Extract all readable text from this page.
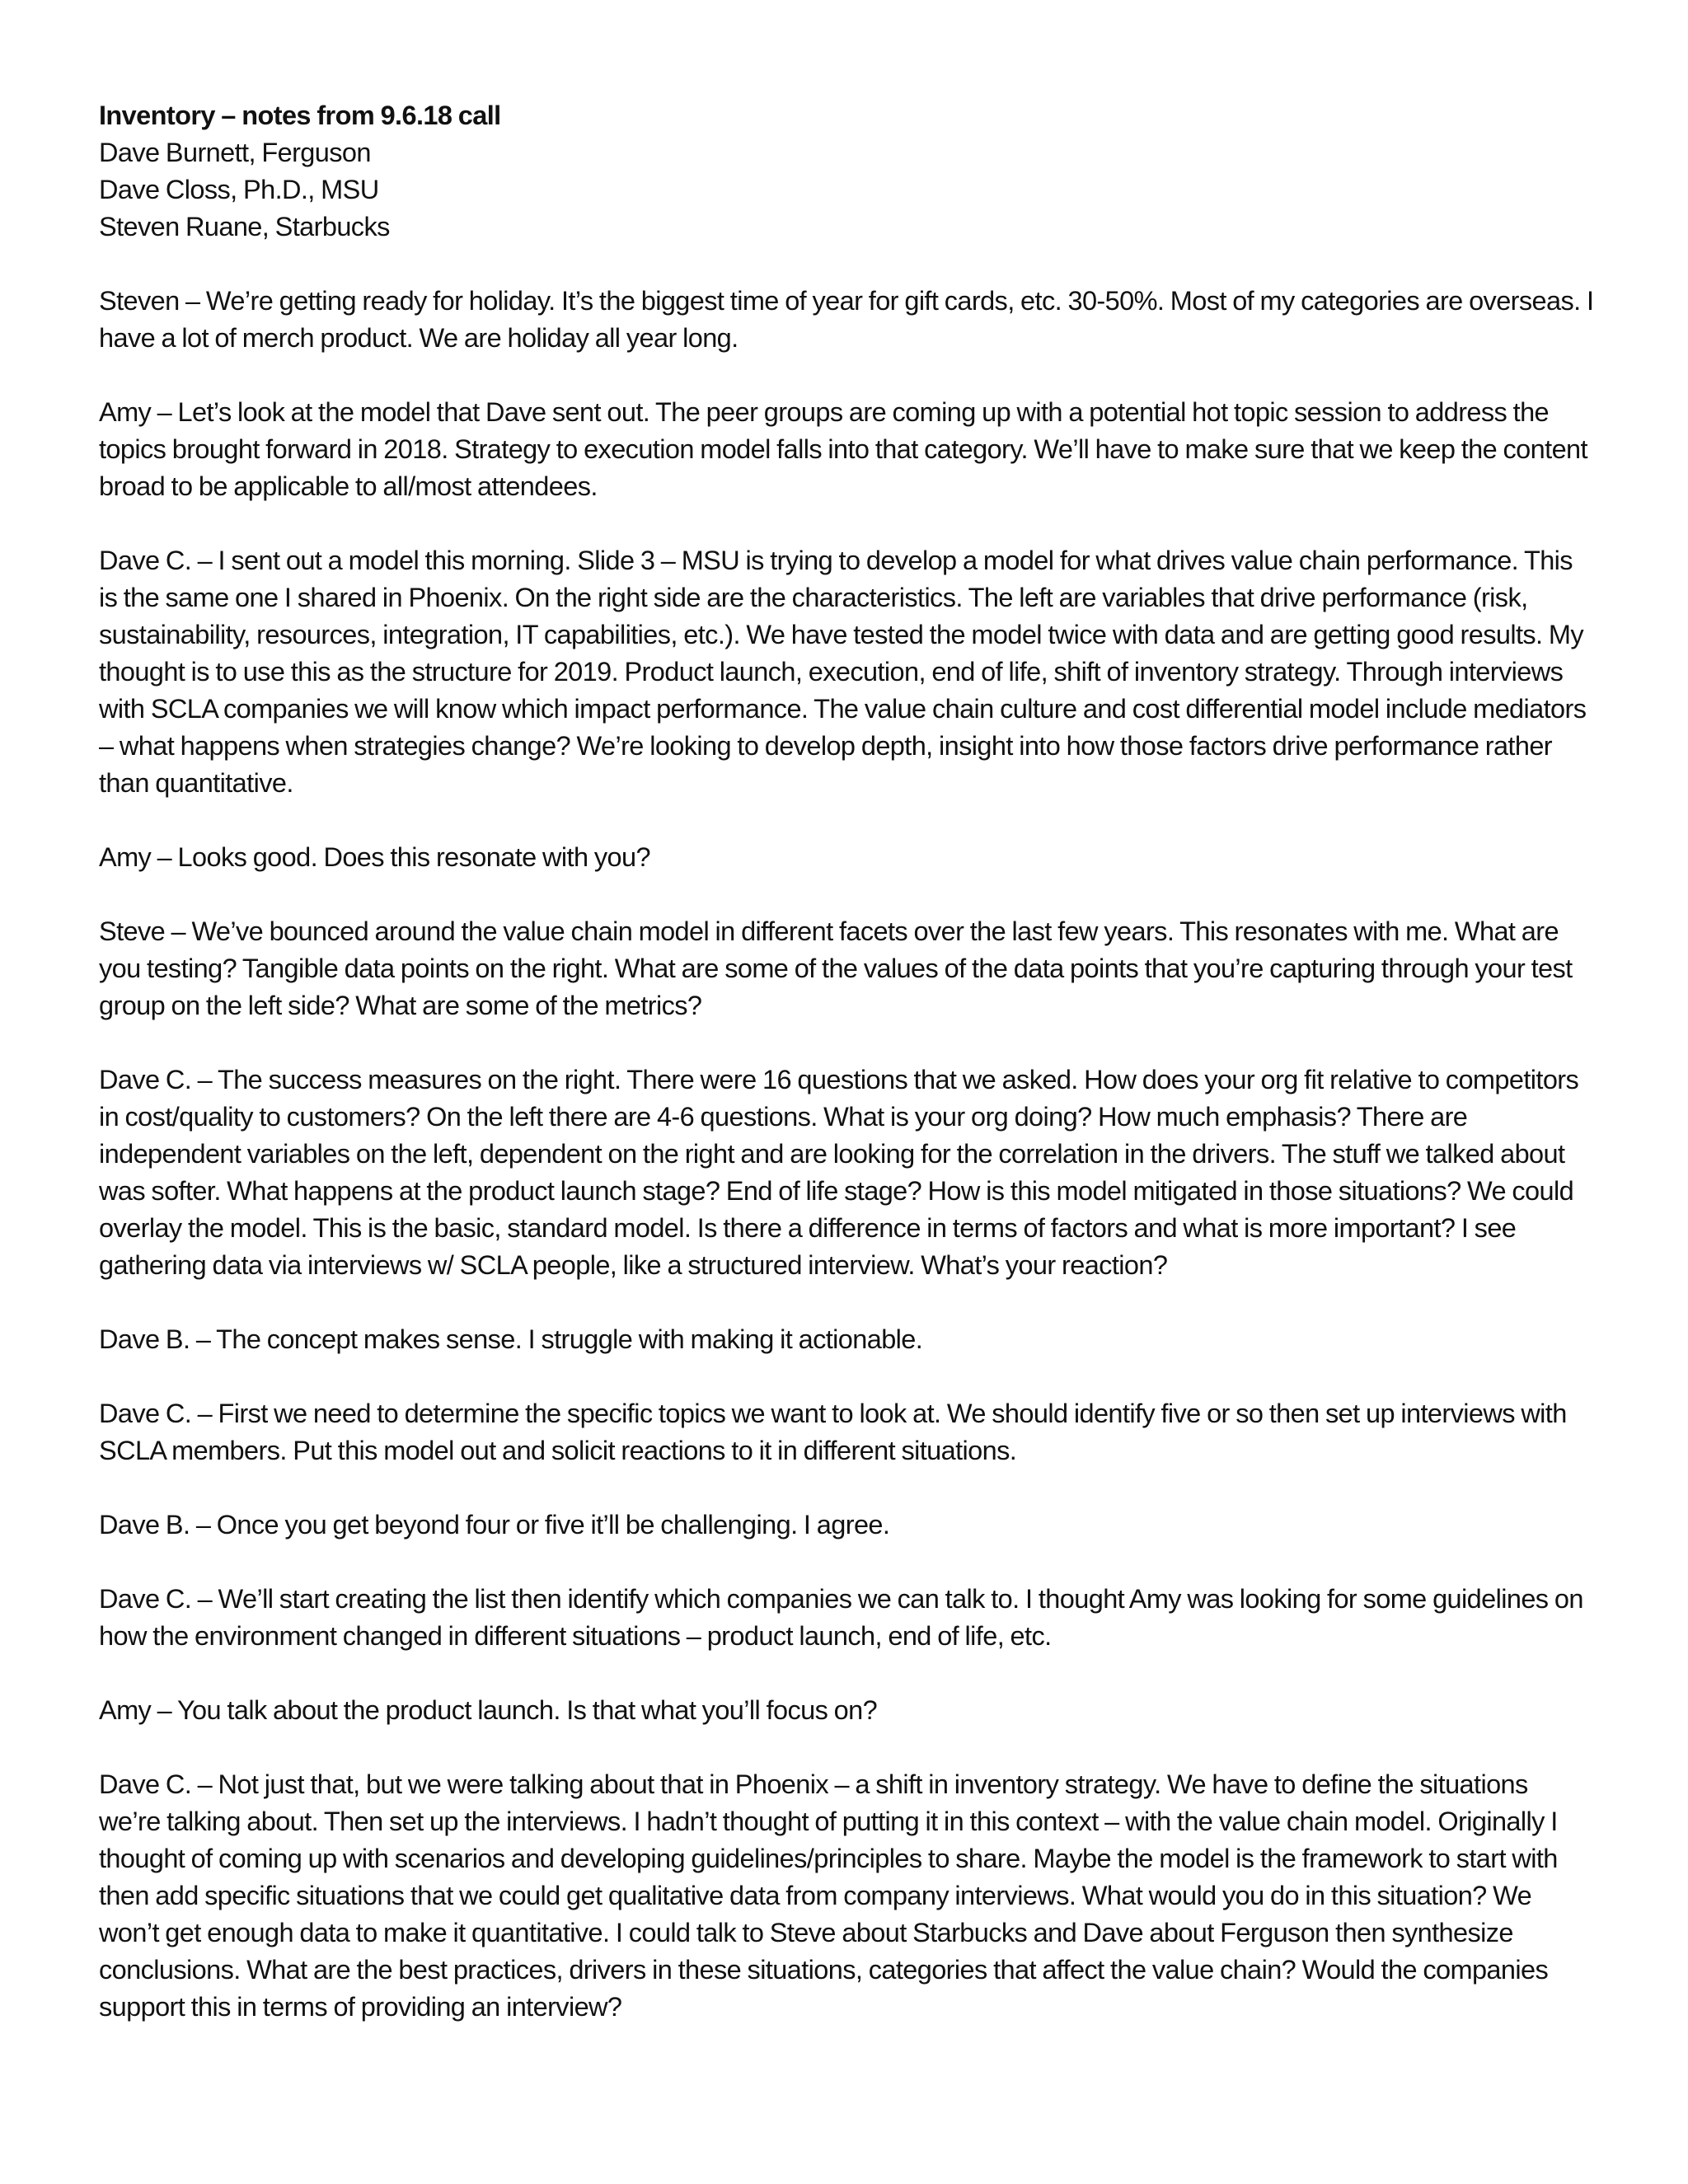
Inventory – notes from 9.6.18 call

Dave Burnett, Ferguson

Dave Closs, Ph.D., MSU

Steven Ruane, Starbucks

Steven – We’re getting ready for holiday. It’s the biggest time of year for gift cards, etc. 30-50%. Most of my categories are overseas. I have a lot of merch product. We are holiday all year long.

Amy – Let’s look at the model that Dave sent out. The peer groups are coming up with a potential hot topic session to address the topics brought forward in 2018. Strategy to execution model falls into that category. We’ll have to make sure that we keep the content broad to be applicable to all/most attendees.

Dave C. – I sent out a model this morning. Slide 3 – MSU is trying to develop a model for what drives value chain performance. This is the same one I shared in Phoenix. On the right side are the characteristics. The left are variables that drive performance (risk, sustainability, resources, integration, IT capabilities, etc.). We have tested the model twice with data and are getting good results. My thought is to use this as the structure for 2019. Product launch, execution, end of life, shift of inventory strategy. Through interviews with SCLA companies we will know which impact performance. The value chain culture and cost differential model include mediators – what happens when strategies change? We’re looking to develop depth, insight into how those factors drive performance rather than quantitative.

Amy – Looks good. Does this resonate with you?

Steve – We’ve bounced around the value chain model in different facets over the last few years. This resonates with me. What are you testing? Tangible data points on the right. What are some of the values of the data points that you’re capturing through your test group on the left side? What are some of the metrics?

Dave C. – The success measures on the right. There were 16 questions that we asked. How does your org fit relative to competitors in cost/quality to customers? On the left there are 4-6 questions. What is your org doing? How much emphasis? There are independent variables on the left, dependent on the right and are looking for the correlation in the drivers. The stuff we talked about was softer. What happens at the product launch stage? End of life stage? How is this model mitigated in those situations? We could overlay the model. This is the basic, standard model. Is there a difference in terms of factors and what is more important? I see gathering data via interviews w/ SCLA people, like a structured interview. What’s your reaction?

Dave B. – The concept makes sense. I struggle with making it actionable.

Dave C. – First we need to determine the specific topics we want to look at. We should identify five or so then set up interviews with SCLA members. Put this model out and solicit reactions to it in different situations.

Dave B. – Once you get beyond four or five it’ll be challenging. I agree.

Dave C. – We’ll start creating the list then identify which companies we can talk to. I thought Amy was looking for some guidelines on how the environment changed in different situations – product launch, end of life, etc.

Amy – You talk about the product launch. Is that what you’ll focus on?

Dave C. – Not just that, but we were talking about that in Phoenix – a shift in inventory strategy. We have to define the situations we’re talking about. Then set up the interviews. I hadn’t thought of putting it in this context – with the value chain model. Originally I thought of coming up with scenarios and developing guidelines/principles to share. Maybe the model is the framework to start with then add specific situations that we could get qualitative data from company interviews. What would you do in this situation? We won’t get enough data to make it quantitative. I could talk to Steve about Starbucks and Dave about Ferguson then synthesize conclusions. What are the best practices, drivers in these situations, categories that affect the value chain? Would the companies support this in terms of providing an interview?
